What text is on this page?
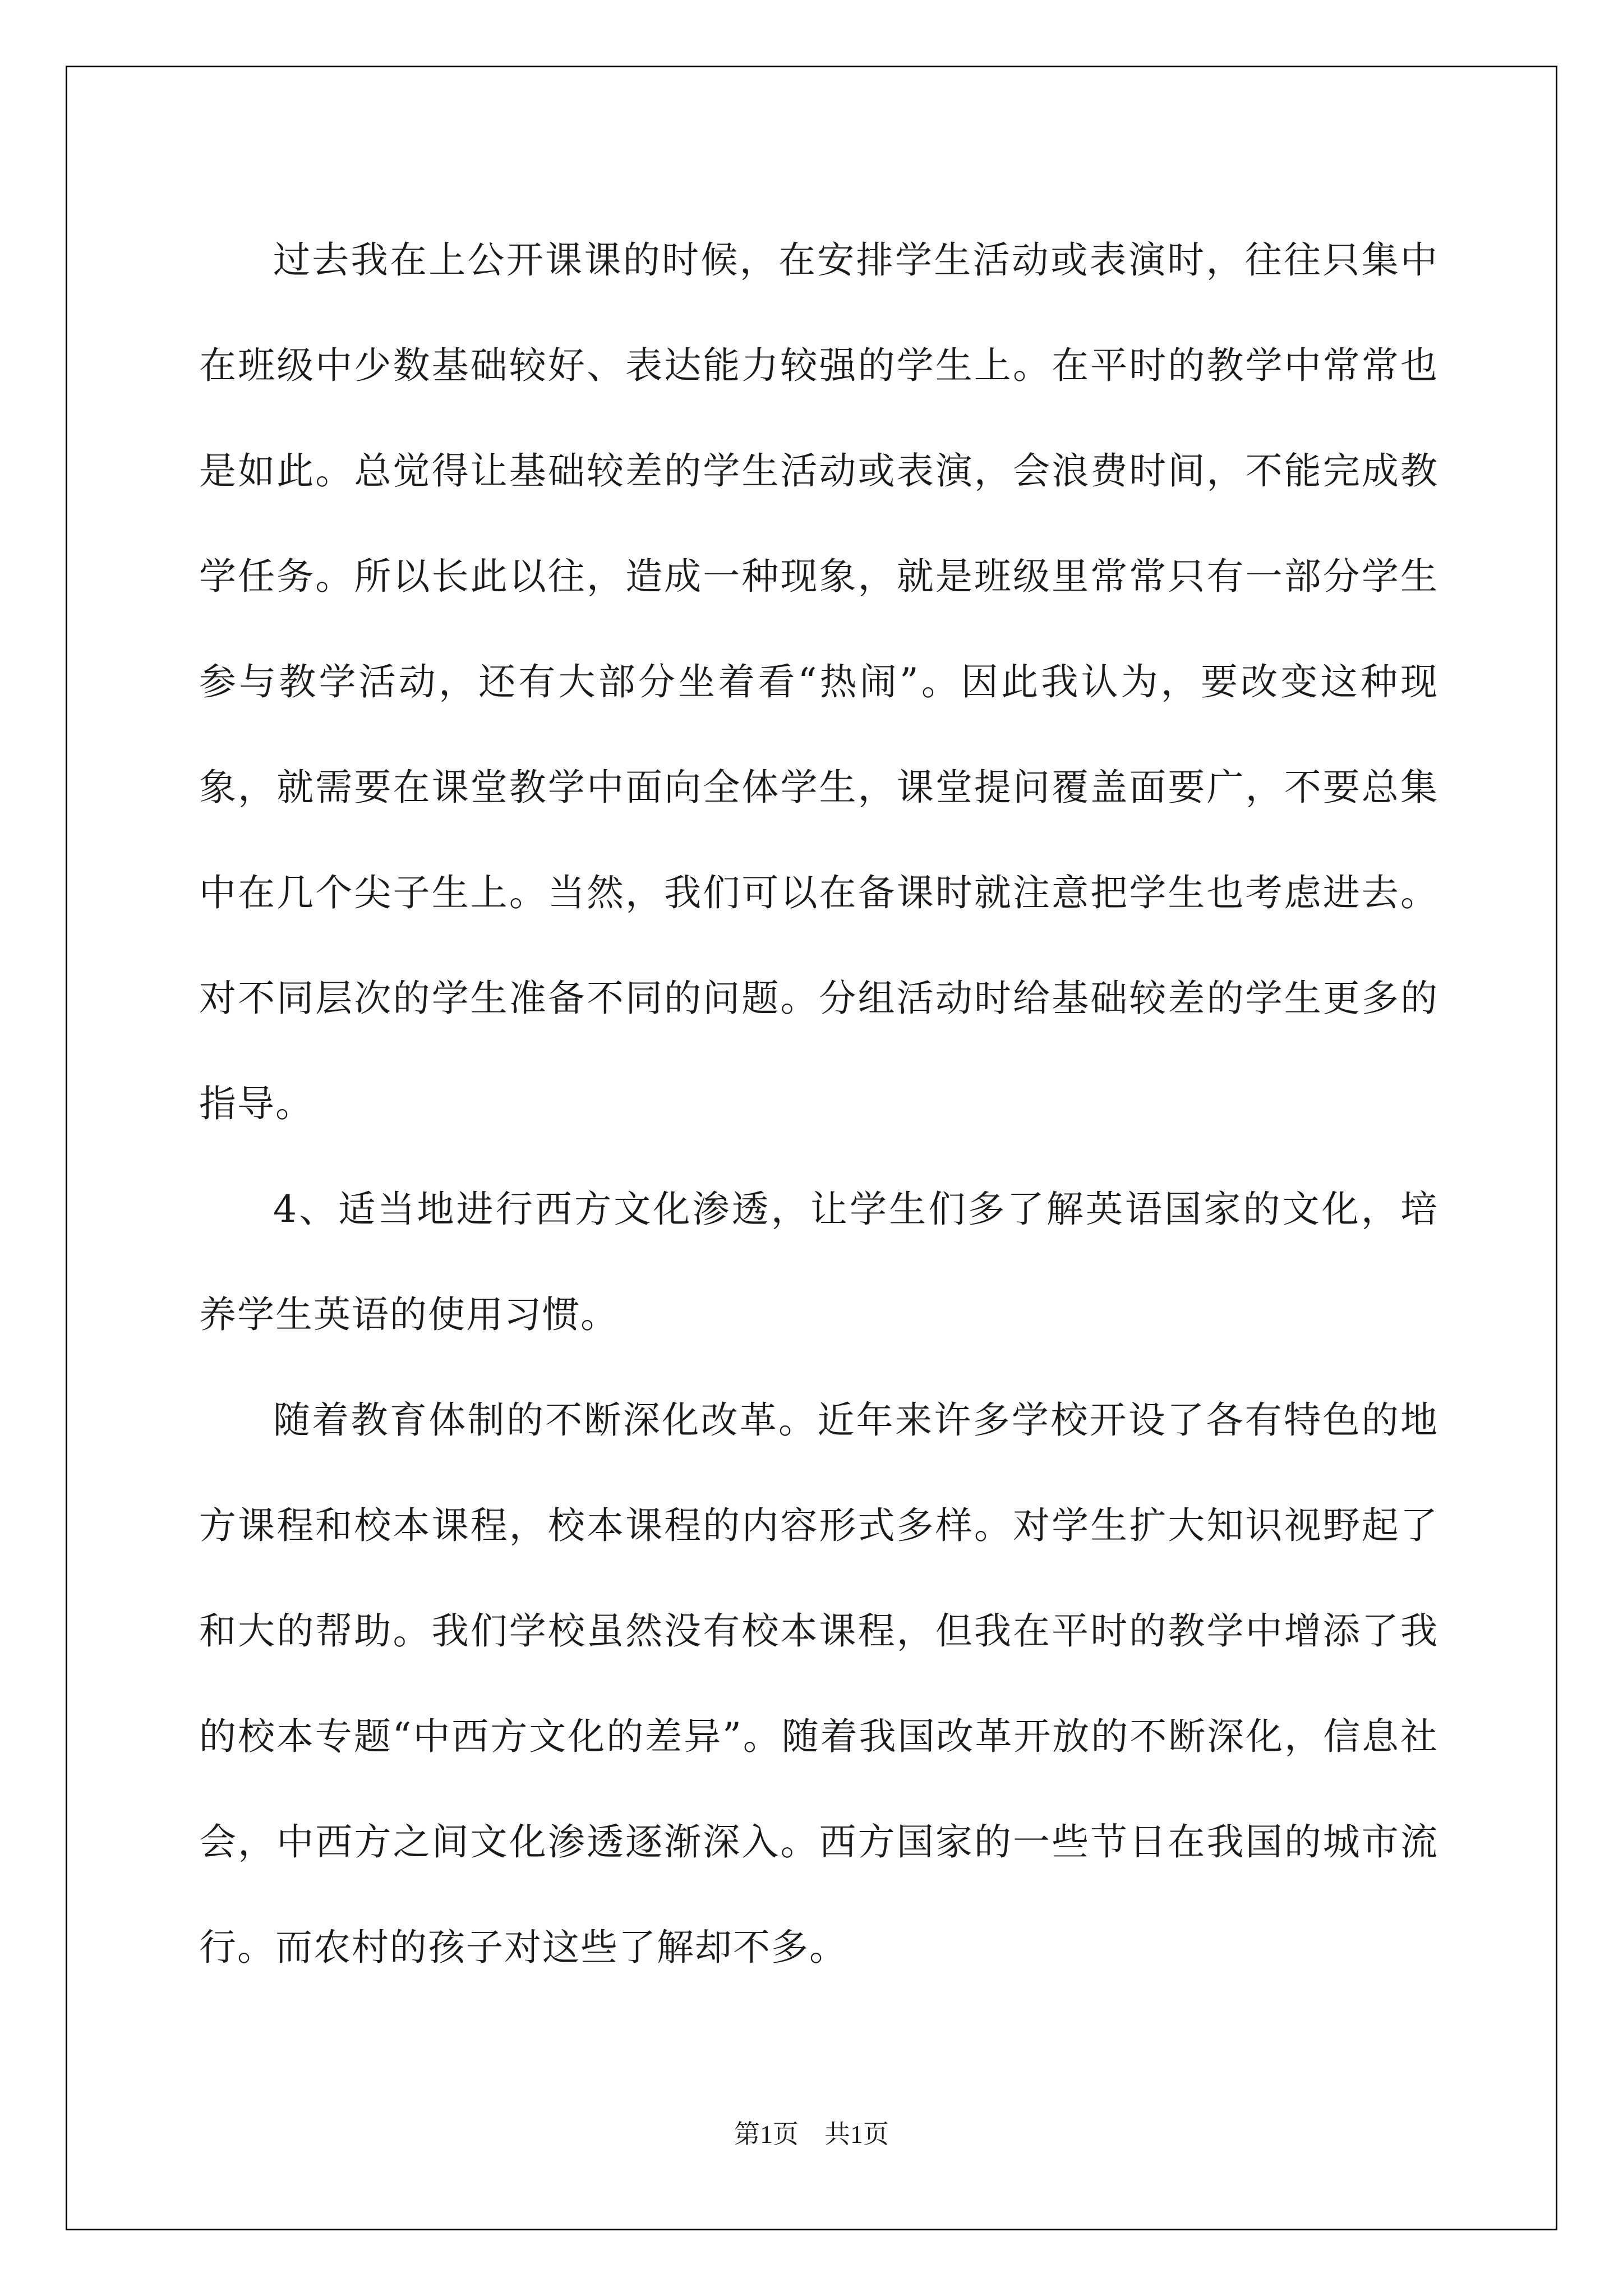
过去我在上公开课课的时候，在安排学生活动或表演时，往往只集中在班级中少数基础较好、表达能力较强的学生上。在平时的教学中常常也是如此。总觉得让基础较差的学生活动或表演，会浪费时间，不能完成教学任务。所以长此以往，造成一种现象，就是班级里常常只有一部分学生参与教学活动，还有大部分坐着看“热闹”。因此我认为，要改变这种现象，就需要在课堂教学中面向全体学生，课堂提问覆盖面要广，不要总集中在几个尖子生上。当然，我们可以在备课时就注意把学生也考虑进去。对不同层次的学生准备不同的问题。分组活动时给基础较差的学生更多的指导。

4、适当地进行西方文化渗透，让学生们多了解英语国家的文化，培养学生英语的使用习惯。

随着教育体制的不断深化改革。近年来许多学校开设了各有特色的地方课程和校本课程，校本课程的内容形式多样。对学生扩大知识视野起了和大的帮助。我们学校虽然没有校本课程，但我在平时的教学中增添了我的校本专题“中西方文化的差异”。随着我国改革开放的不断深化，信息社会，中西方之间文化渗透逐渐深入。西方国家的一些节日在我国的城市流行。而农村的孩子对这些了解却不多。

第1页　共1页
